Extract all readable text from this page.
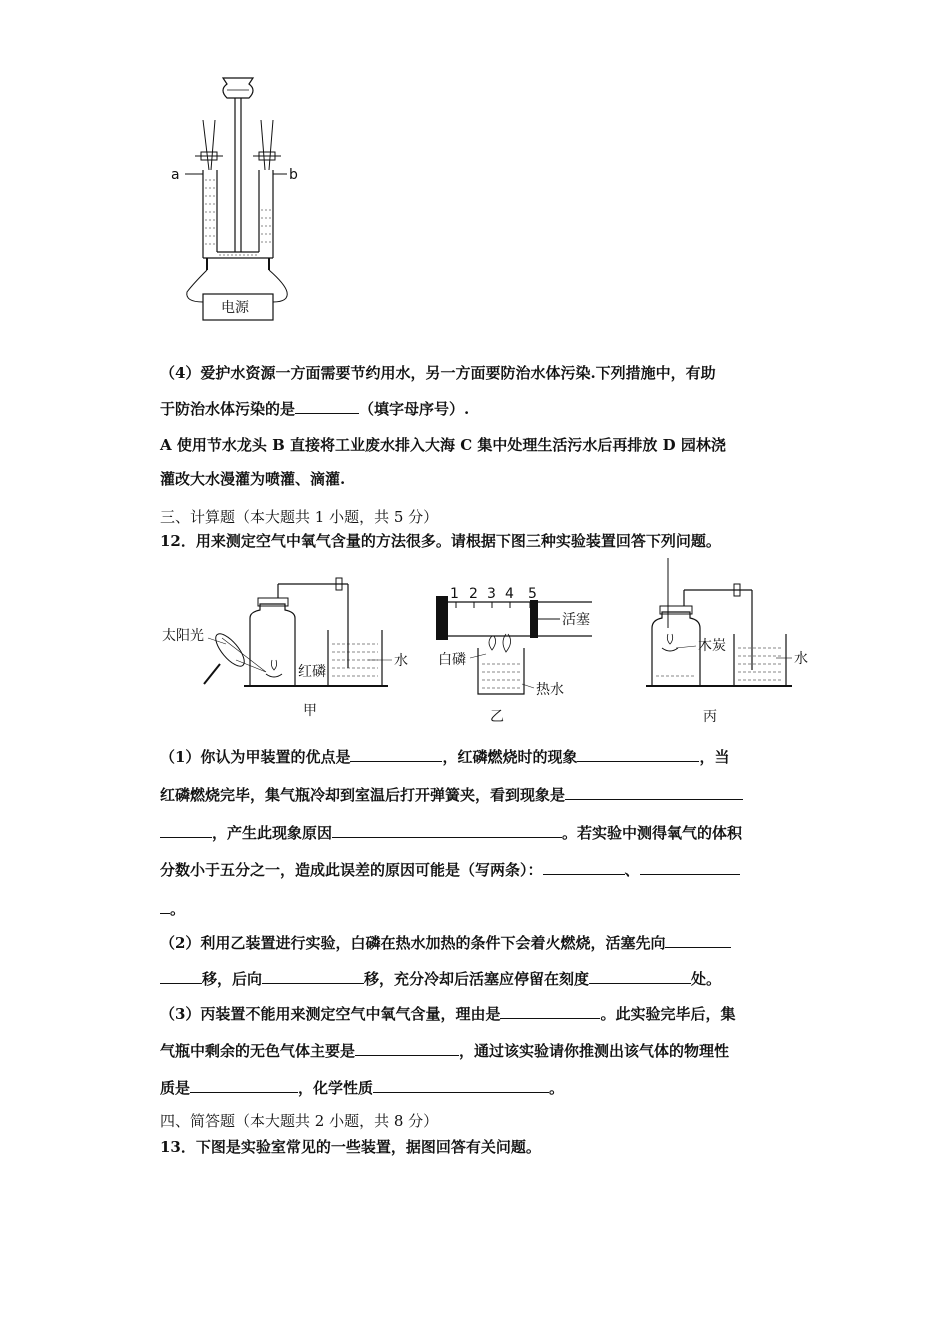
a	b
电源
（4）爱护水资源一方面需要节约用水，另一方面要防治水体污染.下列措施中，有助
于防治水体污染的是	（填字母序号）.
A 使用节水龙头 B 直接将工业废水排入大海 C 集中处理生活污水后再排放 D 园林浇
灌改大水漫灌为喷灌、滴灌.
三、计算题（本大题共 1 小题，共 5 分）
12．用来测定空气中氧气含量的方法很多。请根据下图三种实验装置回答下列问题。
太阳光
红磷
水
甲
1 2 3 4 5
活塞
白磷
热水
乙
木炭
水
丙
（1）你认为甲装置的优点是	，红磷燃烧时的现象	，当
红磷燃烧完毕，集气瓶冷却到室温后打开弹簧夹，看到现象是
，产生此现象原因	。若实验中测得氧气的体积
分数小于五分之一，造成此误差的原因可能是（写两条）：	、
。
（2）利用乙装置进行实验，白磷在热水加热的条件下会着火燃烧，活塞先向
移，后向	移，充分冷却后活塞应停留在刻度	处。
（3）丙装置不能用来测定空气中氧气含量，理由是	。此实验完毕后，集
气瓶中剩余的无色气体主要是	，通过该实验请你推测出该气体的物理性
质是	，化学性质	。
四、简答题（本大题共 2 小题，共 8 分）
13．下图是实验室常见的一些装置，据图回答有关问题。
